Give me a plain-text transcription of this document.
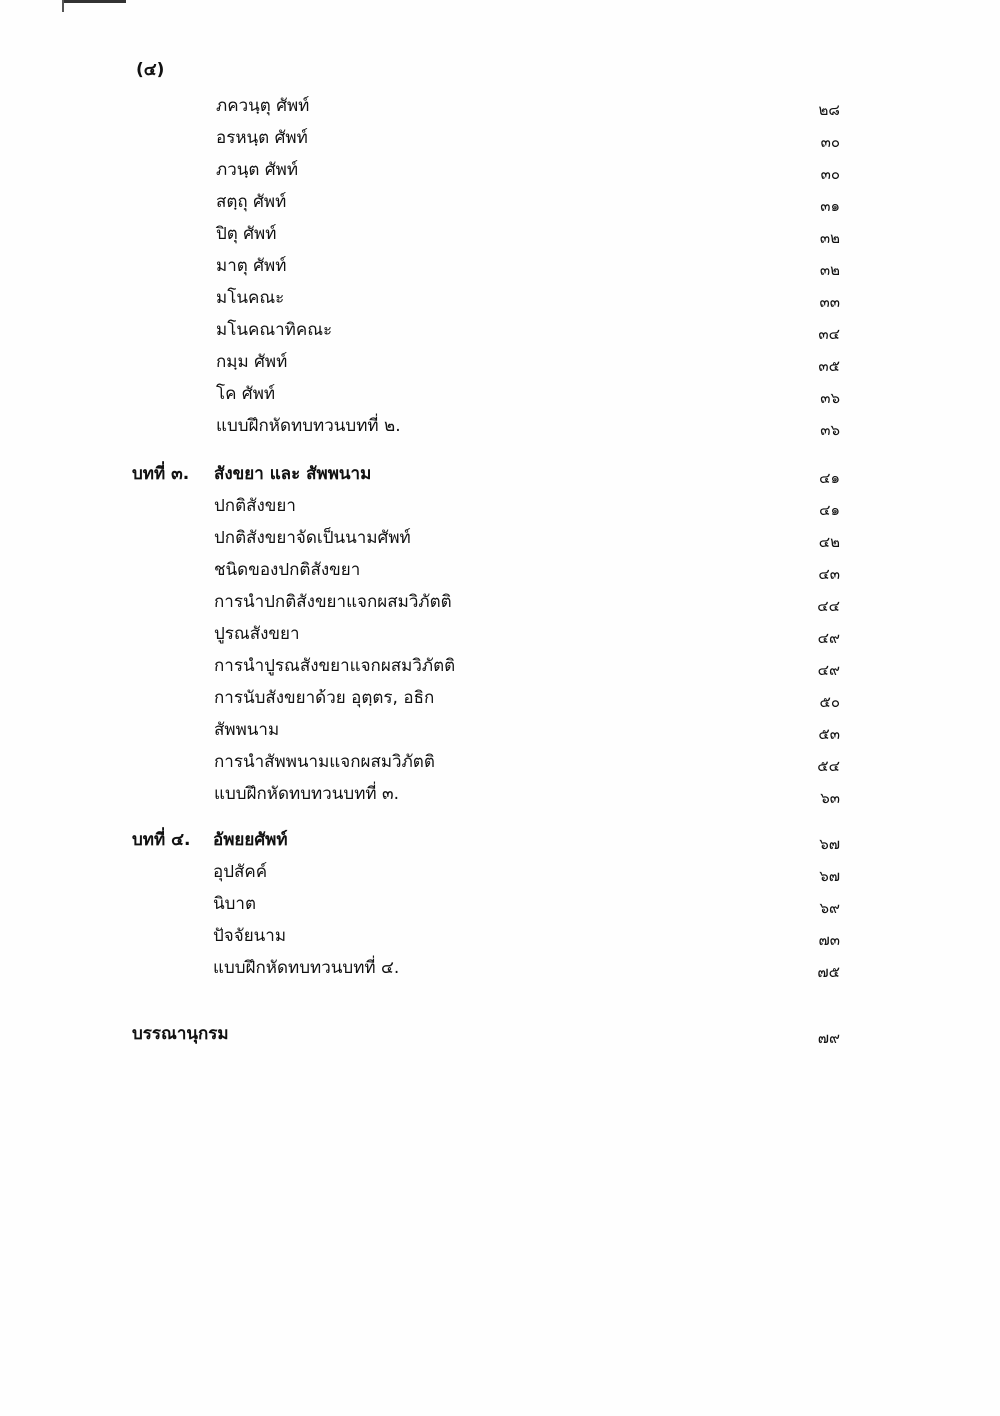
(๔)
ภควนฺตุ ศัพท์	๒๘
อรหนฺต ศัพท์	๓๐
ภวนฺต ศัพท์	๓๐
สตฺถุ ศัพท์	๓๑
ปิตุ ศัพท์	๓๒
มาตุ ศัพท์	๓๒
มโนคณะ	๓๓
มโนคณาทิคณะ	๓๔
กมฺม ศัพท์	๓๕
โค ศัพท์	๓๖
แบบฝึกหัดทบทวนบทที่ ๒.	๓๖
บทที่ ๓. สังขยา และ สัพพนาม	๔๑
ปกติสังขยา	๔๑
ปกติสังขยาจัดเป็นนามศัพท์	๔๒
ชนิดของปกติสังขยา	๔๓
การนำปกติสังขยาแจกผสมวิภัตติ	๔๔
ปูรณสังขยา	๔๙
การนำปูรณสังขยาแจกผสมวิภัตติ	๔๙
การนับสังขยาด้วย อุตฺตร, อธิก	๕๐
สัพพนาม	๕๓
การนำสัพพนามแจกผสมวิภัตติ	๕๔
แบบฝึกหัดทบทวนบทที่ ๓.	๖๓
บทที่ ๔. อัพยยศัพท์	๖๗
อุปสัคค์	๖๗
นิบาต	๖๙
ปัจจัยนาม	๗๓
แบบฝึกหัดทบทวนบทที่ ๔.	๗๕
บรรณานุกรม	๗๙
